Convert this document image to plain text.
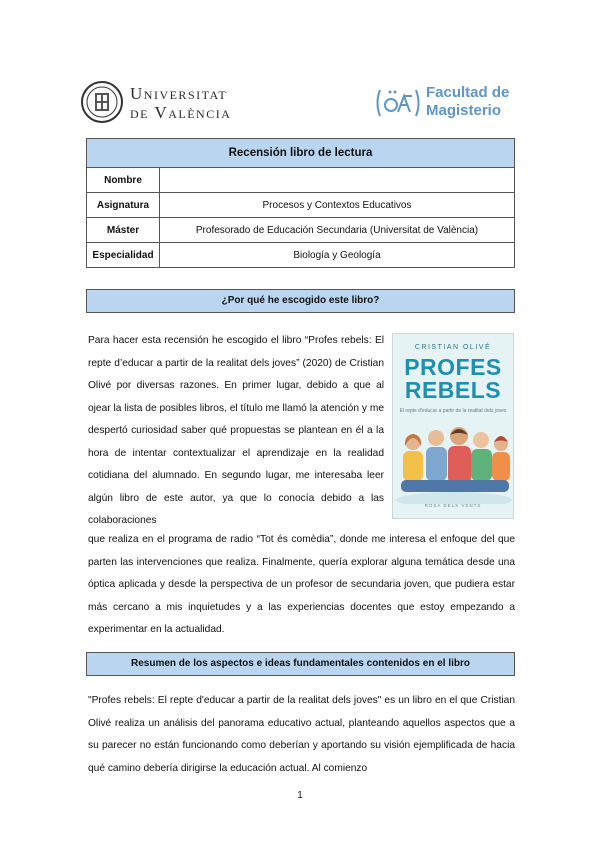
Universitat
de València
Facultad de
Magisterio
Recensión libro de lectura	
Nombre	
Asignatura	Procesos y Contextos Educativos
Máster	Profesorado de Educación Secundaria (Universitat de València)
Especialidad	Biología y Geología
¿Por qué he escogido este libro?
Para hacer esta recensión he escogido el libro “Profes rebels: El repte d’educar a partir de la realitat dels joves” (2020) de Cristian Olivé por diversas razones. En primer lugar, debido a que al ojear la lista de posibles libros, el título me llamó la atención y me despertó curiosidad saber qué propuestas se plantean en él a la hora de intentar contextualizar el aprendizaje en la realidad cotidiana del alumnado. En segundo lugar, me interesaba leer algún libro de este autor, ya que lo conocía debido a las colaboraciones
CRISTIAN OLIVÉ
PROFES
REBELS
El repte d'educar a partir de la realitat dels joves
ROSA DELS VENTS
que realiza en el programa de radio “Tot és comèdia”, donde me interesa el enfoque del que parten las intervenciones que realiza. Finalmente, quería explorar alguna temática desde una óptica aplicada y desde la perspectiva de un profesor de secundaria joven, que pudiera estar más cercano a mis inquietudes y a las experiencias docentes que estoy empezando a experimentar en la actualidad.
Resumen de los aspectos e ideas fundamentales contenidos en el libro
"Profes rebels: El repte d'educar a partir de la realitat dels joves" es un libro en el que Cristian Olivé realiza un análisis del panorama educativo actual, planteando aquellos aspectos que a su parecer no están funcionando como deberían y aportando su visión ejemplificada de hacia qué camino debería dirigirse la educación actual. Al comienzo
1
